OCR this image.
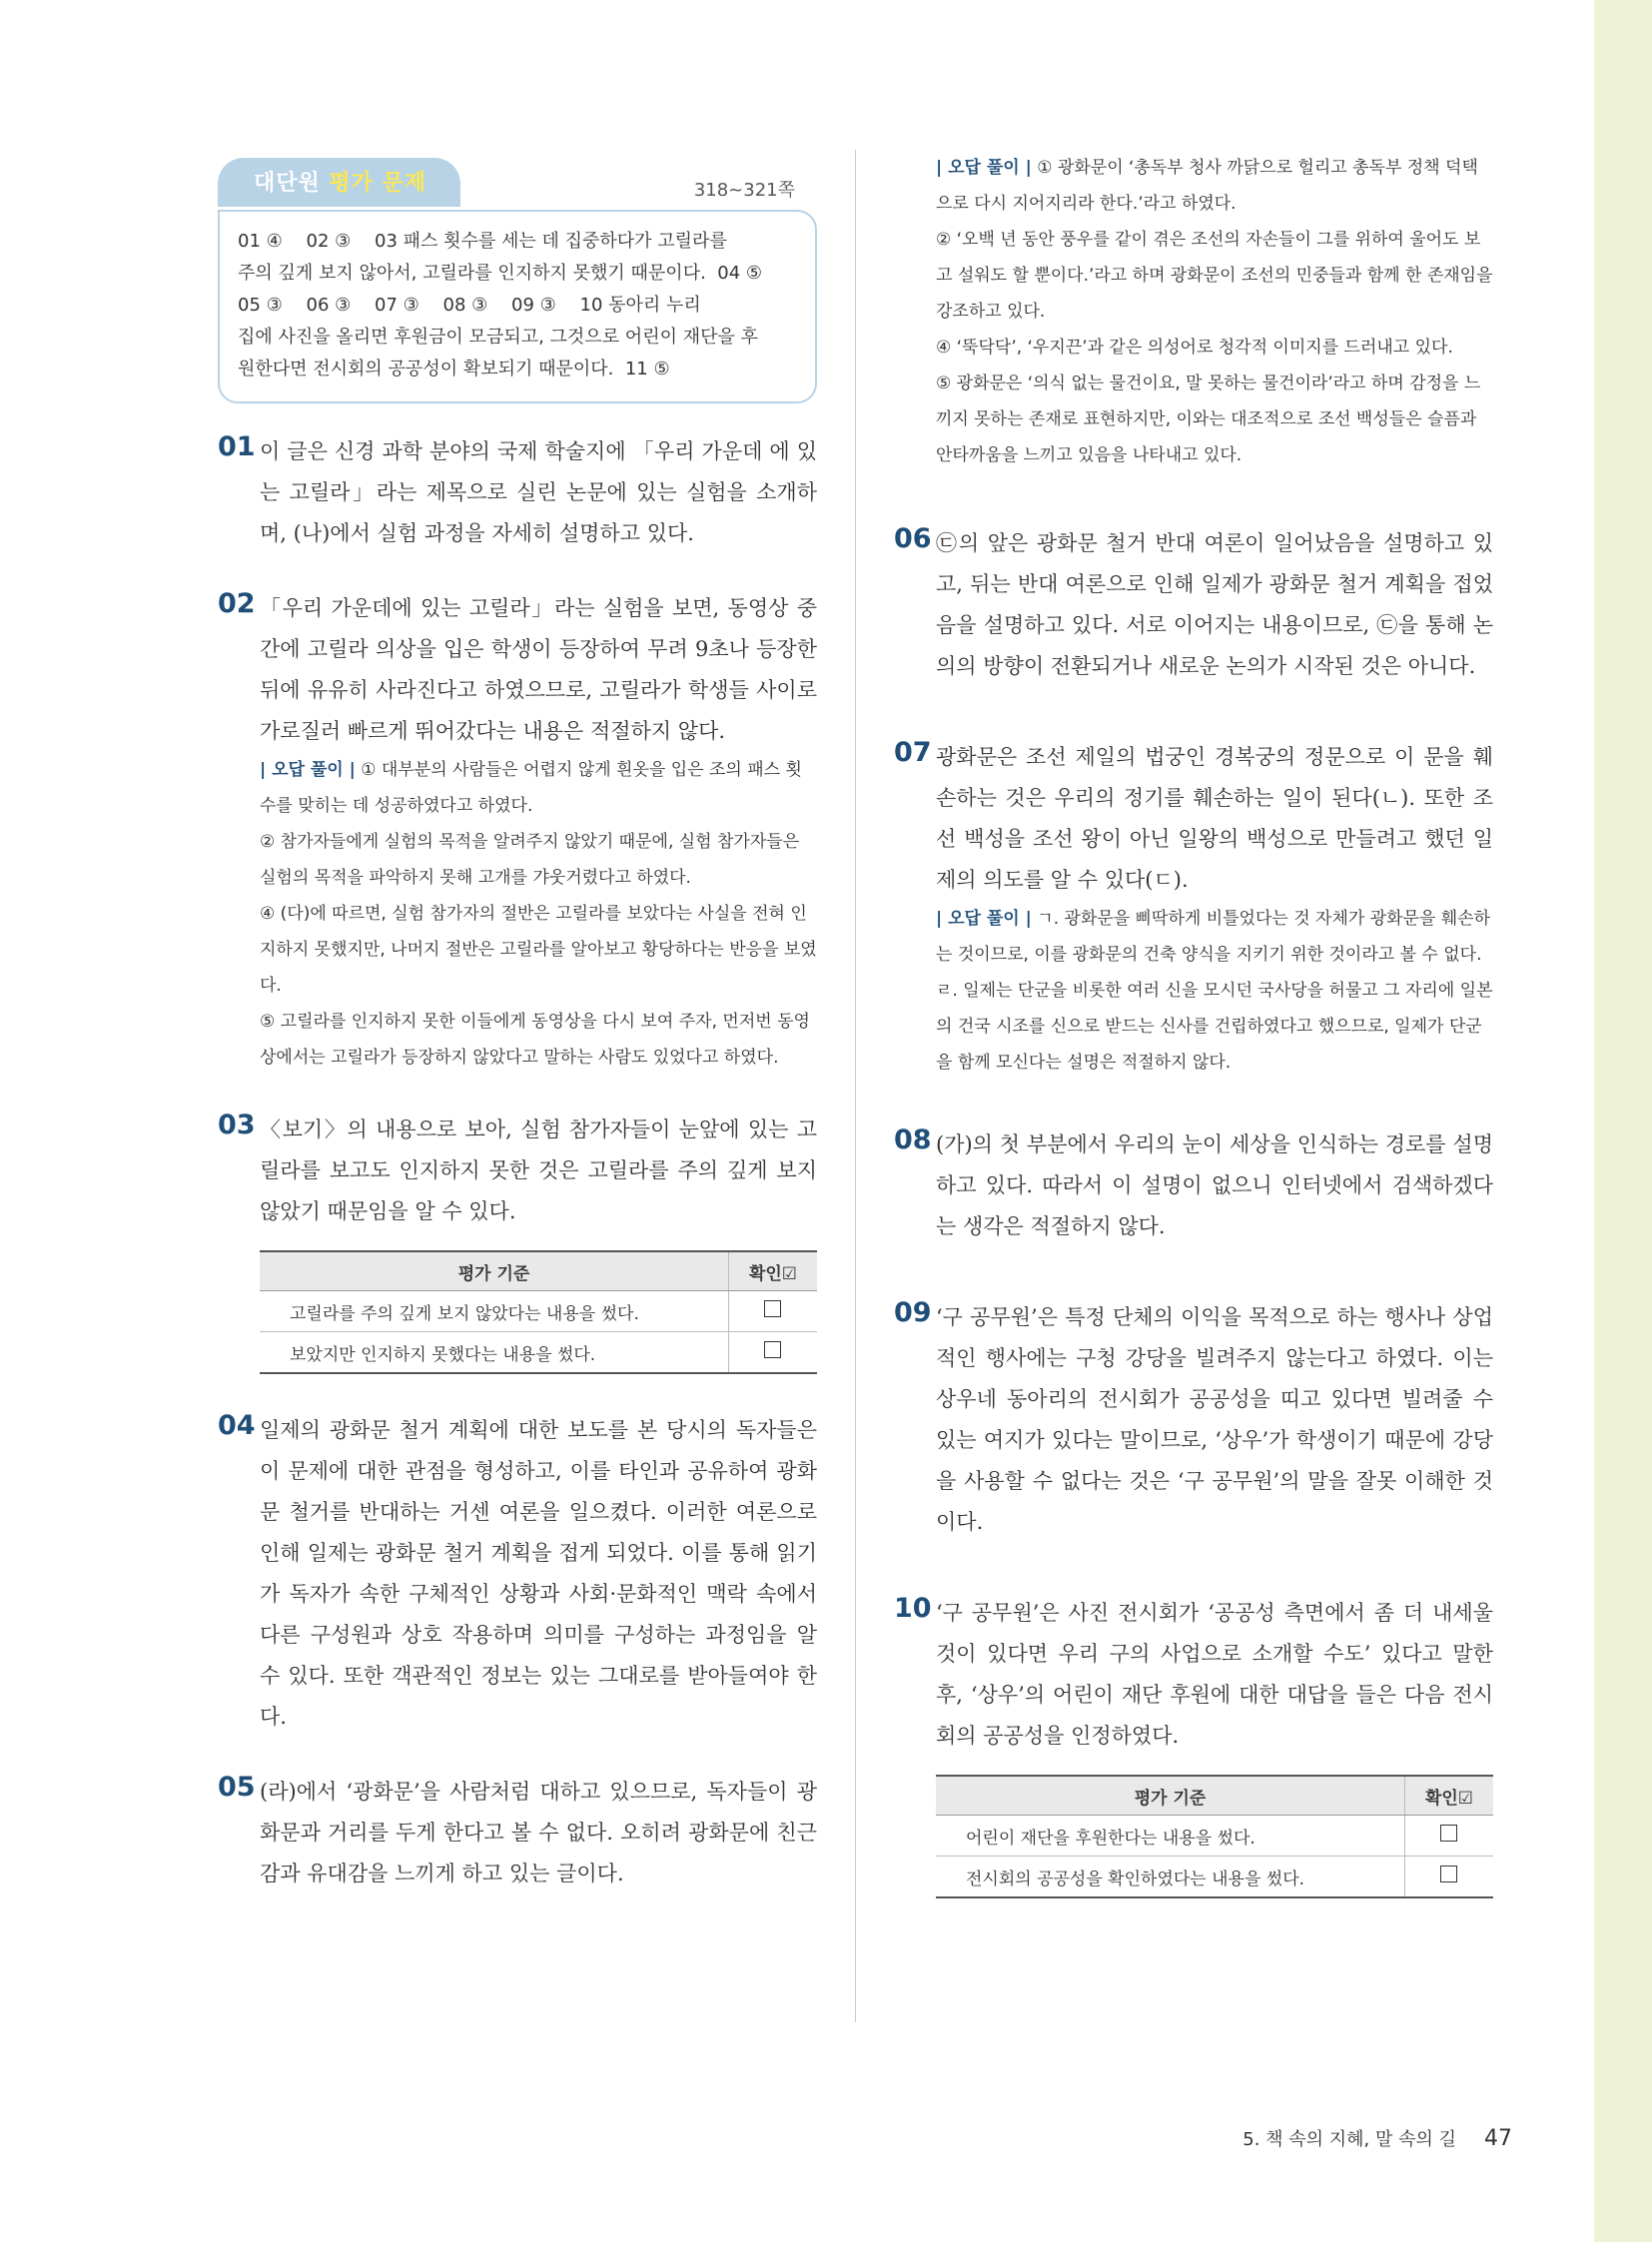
대단원 평가 문제	318~321쪽
01 ④ 02 ③ 03 패스 횟수를 세는 데 집중하다가 고릴라를
주의 깊게 보지 않아서, 고릴라를 인지하지 못했기 때문이다. 04 ⑤
05 ③ 06 ③ 07 ③ 08 ③ 09 ③ 10 동아리 누리
집에 사진을 올리면 후원금이 모금되고, 그것으로 어린이 재단을 후
원한다면 전시회의 공공성이 확보되기 때문이다. 11 ⑤
01 이 글은 신경 과학 분야의 국제 학술지에 「우리 가운데 에 있는 고릴라」라는 제목으로 실린 논문에 있는 실험을 소개하며, (나)에서 실험 과정을 자세히 설명하고 있다.
02 「우리 가운데에 있는 고릴라」라는 실험을 보면, 동영상 중간에 고릴라 의상을 입은 학생이 등장하여 무려 9초나 등장한 뒤에 유유히 사라진다고 하였으므로, 고릴라가 학생들 사이로 가로질러 빠르게 뛰어갔다는 내용은 적절하지 않다.

| 오답 풀이 | ① 대부분의 사람들은 어렵지 않게 흰옷을 입은 조의 패스 횟수를 맞히는 데 성공하였다고 하였다.

② 참가자들에게 실험의 목적을 알려주지 않았기 때문에, 실험 참가자들은 실험의 목적을 파악하지 못해 고개를 갸웃거렸다고 하였다.

④ (다)에 따르면, 실험 참가자의 절반은 고릴라를 보았다는 사실을 전혀 인지하지 못했지만, 나머지 절반은 고릴라를 알아보고 황당하다는 반응을 보였다.

⑤ 고릴라를 인지하지 못한 이들에게 동영상을 다시 보여 주자, 먼저번 동영상에서는 고릴라가 등장하지 않았다고 말하는 사람도 있었다고 하였다.

03 〈보기〉의 내용으로 보아, 실험 참가자들이 눈앞에 있는 고릴라를 보고도 인지하지 못한 것은 고릴라를 주의 깊게 보지 않았기 때문임을 알 수 있다.
평가 기준	확인☑
고릴라를 주의 깊게 보지 않았다는 내용을 썼다.	
보았지만 인지하지 못했다는 내용을 썼다.	
04 일제의 광화문 철거 계획에 대한 보도를 본 당시의 독자들은 이 문제에 대한 관점을 형성하고, 이를 타인과 공유하여 광화문 철거를 반대하는 거센 여론을 일으켰다. 이러한 여론으로 인해 일제는 광화문 철거 계획을 접게 되었다. 이를 통해 읽기가 독자가 속한 구체적인 상황과 사회·문화적인 맥락 속에서 다른 구성원과 상호 작용하며 의미를 구성하는 과정임을 알 수 있다. 또한 객관적인 정보는 있는 그대로를 받아들여야 한다.
05 (라)에서 ‘광화문’을 사람처럼 대하고 있으므로, 독자들이 광화문과 거리를 두게 한다고 볼 수 없다. 오히려 광화문에 친근감과 유대감을 느끼게 하고 있는 글이다.

| 오답 풀이 | ① 광화문이 ‘총독부 청사 까닭으로 헐리고 총독부 정책 덕택으로 다시 지어지리라 한다.’라고 하였다.

② ‘오백 년 동안 풍우를 같이 겪은 조선의 자손들이 그를 위하여 울어도 보고 설워도 할 뿐이다.’라고 하며 광화문이 조선의 민중들과 함께 한 존재임을 강조하고 있다.

④ ‘뚝닥닥’, ‘우지끈’과 같은 의성어로 청각적 이미지를 드러내고 있다.

⑤ 광화문은 ‘의식 없는 물건이요, 말 못하는 물건이라’라고 하며 감정을 느끼지 못하는 존재로 표현하지만, 이와는 대조적으로 조선 백성들은 슬픔과 안타까움을 느끼고 있음을 나타내고 있다.

06 ㉢의 앞은 광화문 철거 반대 여론이 일어났음을 설명하고 있고, 뒤는 반대 여론으로 인해 일제가 광화문 철거 계획을 접었음을 설명하고 있다. 서로 이어지는 내용이므로, ㉢을 통해 논의의 방향이 전환되거나 새로운 논의가 시작된 것은 아니다.
07 광화문은 조선 제일의 법궁인 경복궁의 정문으로 이 문을 훼손하는 것은 우리의 정기를 훼손하는 일이 된다(ㄴ). 또한 조선 백성을 조선 왕이 아닌 일왕의 백성으로 만들려고 했던 일제의 의도를 알 수 있다(ㄷ).

| 오답 풀이 | ㄱ. 광화문을 삐딱하게 비틀었다는 것 자체가 광화문을 훼손하는 것이므로, 이를 광화문의 건축 양식을 지키기 위한 것이라고 볼 수 없다.

ㄹ. 일제는 단군을 비롯한 여러 신을 모시던 국사당을 허물고 그 자리에 일본의 건국 시조를 신으로 받드는 신사를 건립하였다고 했으므로, 일제가 단군을 함께 모신다는 설명은 적절하지 않다.

08 (가)의 첫 부분에서 우리의 눈이 세상을 인식하는 경로를 설명하고 있다. 따라서 이 설명이 없으니 인터넷에서 검색하겠다는 생각은 적절하지 않다.
09 ‘구 공무원’은 특정 단체의 이익을 목적으로 하는 행사나 상업적인 행사에는 구청 강당을 빌려주지 않는다고 하였다. 이는 상우네 동아리의 전시회가 공공성을 띠고 있다면 빌려줄 수 있는 여지가 있다는 말이므로, ‘상우’가 학생이기 때문에 강당을 사용할 수 없다는 것은 ‘구 공무원’의 말을 잘못 이해한 것이다.
10 ‘구 공무원’은 사진 전시회가 ‘공공성 측면에서 좀 더 내세울 것이 있다면 우리 구의 사업으로 소개할 수도’ 있다고 말한 후, ‘상우’의 어린이 재단 후원에 대한 대답을 들은 다음 전시회의 공공성을 인정하였다.
평가 기준	확인☑
어린이 재단을 후원한다는 내용을 썼다.	
전시회의 공공성을 확인하였다는 내용을 썼다.	
5. 책 속의 지혜, 말 속의 길 47
